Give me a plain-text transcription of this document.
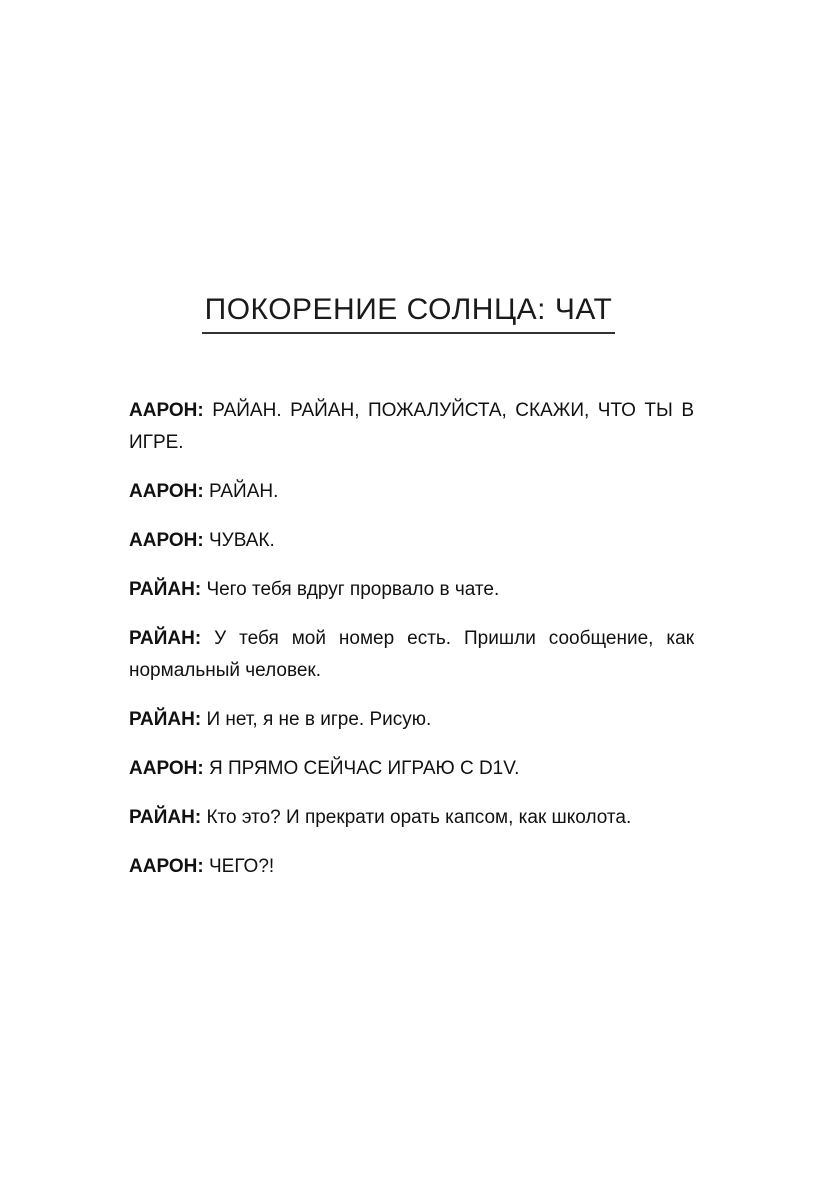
ПОКОРЕНИЕ СОЛНЦА: ЧАТ

ААРОН: РАЙАН. РАЙАН, ПОЖАЛУЙСТА, СКАЖИ, ЧТО ТЫ В ИГРЕ.

ААРОН: РАЙАН.

ААРОН: ЧУВАК.

РАЙАН: Чего тебя вдруг прорвало в чате.

РАЙАН: У тебя мой номер есть. Пришли сообщение, как нормальный человек.

РАЙАН: И нет, я не в игре. Рисую.

ААРОН: Я ПРЯМО СЕЙЧАС ИГРАЮ С D1V.

РАЙАН: Кто это? И прекрати орать капсом, как школота.

ААРОН: ЧЕГО?!
